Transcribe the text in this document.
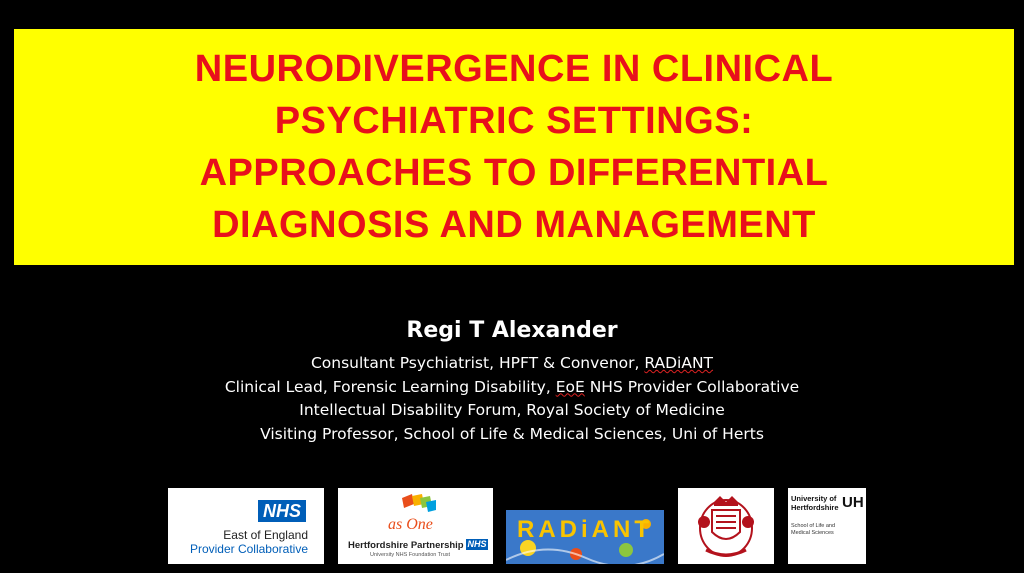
NEURODIVERGENCE IN CLINICAL
PSYCHIATRIC SETTINGS:
APPROACHES TO DIFFERENTIAL
DIAGNOSIS AND MANAGEMENT
Regi T Alexander
Consultant Psychiatrist, HPFT & Convenor, RADiANT
Clinical Lead, Forensic Learning Disability, EoE NHS Provider Collaborative
Intellectual Disability Forum, Royal Society of Medicine
Visiting Professor, School of Life & Medical Sciences, Uni of Herts
NHS
East of England
Provider Collaborative
as One
Hertfordshire Partnership NHS
University NHS Foundation Trust
RADiANT
University of Hertfordshire UH
School of Life and Medical Sciences
